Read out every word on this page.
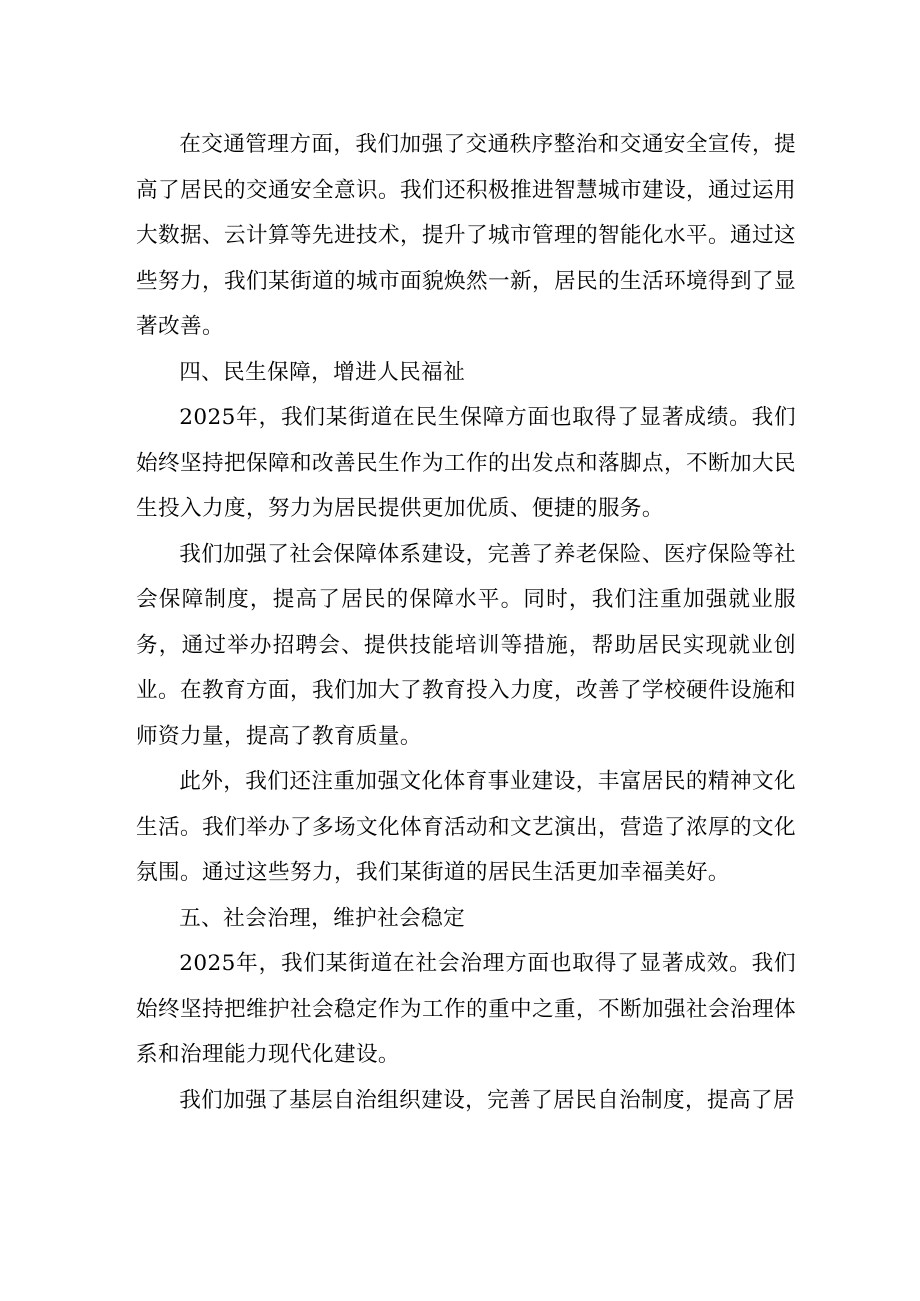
在交通管理方面，我们加强了交通秩序整治和交通安全宣传，提高了居民的交通安全意识。我们还积极推进智慧城市建设，通过运用大数据、云计算等先进技术，提升了城市管理的智能化水平。通过这些努力，我们某街道的城市面貌焕然一新，居民的生活环境得到了显著改善。

四、民生保障，增进人民福祉

2025年，我们某街道在民生保障方面也取得了显著成绩。我们始终坚持把保障和改善民生作为工作的出发点和落脚点，不断加大民生投入力度，努力为居民提供更加优质、便捷的服务。

我们加强了社会保障体系建设，完善了养老保险、医疗保险等社会保障制度，提高了居民的保障水平。同时，我们注重加强就业服务，通过举办招聘会、提供技能培训等措施，帮助居民实现就业创业。在教育方面，我们加大了教育投入力度，改善了学校硬件设施和师资力量，提高了教育质量。

此外，我们还注重加强文化体育事业建设，丰富居民的精神文化生活。我们举办了多场文化体育活动和文艺演出，营造了浓厚的文化氛围。通过这些努力，我们某街道的居民生活更加幸福美好。

五、社会治理，维护社会稳定

2025年，我们某街道在社会治理方面也取得了显著成效。我们始终坚持把维护社会稳定作为工作的重中之重，不断加强社会治理体系和治理能力现代化建设。

我们加强了基层自治组织建设，完善了居民自治制度，提高了居
